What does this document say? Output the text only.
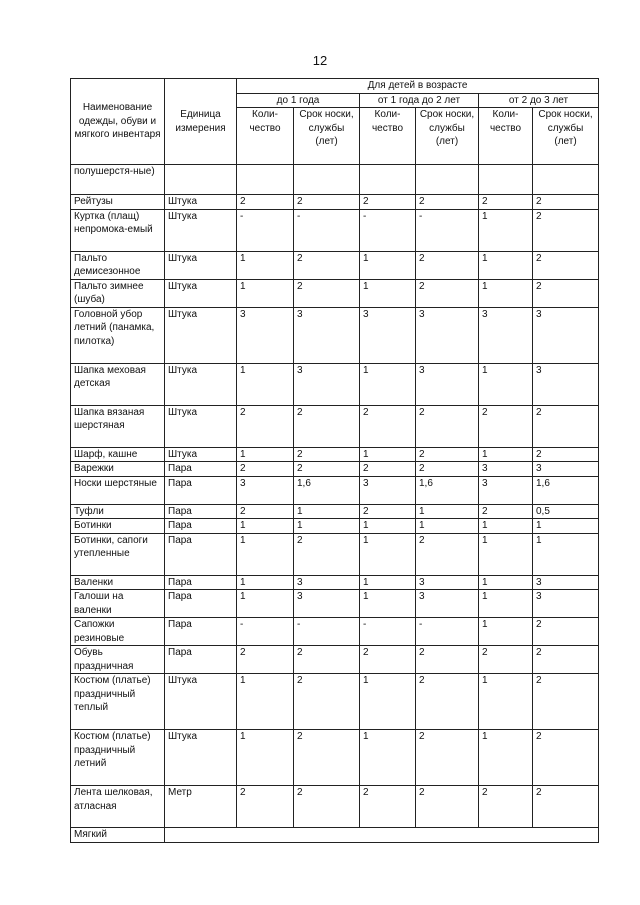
12
Наименование одежды, обуви и мягкого инвентаря	Единица измерения	Для детей в возрасте					
		до 1 года		от 1 года до 2 лет		от 2 до 3 лет	
		Коли-чество	Срок носки, службы (лет)	Коли-чество	Срок носки, службы (лет)	Коли-чество	Срок носки, службы (лет)
полушерстя-ные)							
Рейтузы	Штука	2	2	2	2	2	2
Куртка (плащ) непромока-емый	Штука	-	-	-	-	1	2
Пальто демисезонное	Штука	1	2	1	2	1	2
Пальто зимнее (шуба)	Штука	1	2	1	2	1	2
Головной убор летний (панамка, пилотка)	Штука	3	3	3	3	3	3
Шапка меховая детская	Штука	1	3	1	3	1	3
Шапка вязаная шерстяная	Штука	2	2	2	2	2	2
Шарф, кашне	Штука	1	2	1	2	1	2
Варежки	Пара	2	2	2	2	3	3
Носки шерстяные	Пара	3	1,6	3	1,6	3	1,6
Туфли	Пара	2	1	2	1	2	0,5
Ботинки	Пара	1	1	1	1	1	1
Ботинки, сапоги утепленные	Пара	1	2	1	2	1	1
Валенки	Пара	1	3	1	3	1	3
Галоши на валенки	Пара	1	3	1	3	1	3
Сапожки резиновые	Пара	-	-	-	-	1	2
Обувь праздничная	Пара	2	2	2	2	2	2
Костюм (платье) праздничный теплый	Штука	1	2	1	2	1	2
Костюм (платье) праздничный летний	Штука	1	2	1	2	1	2
Лента шелковая, атласная	Метр	2	2	2	2	2	2
Мягкий							
